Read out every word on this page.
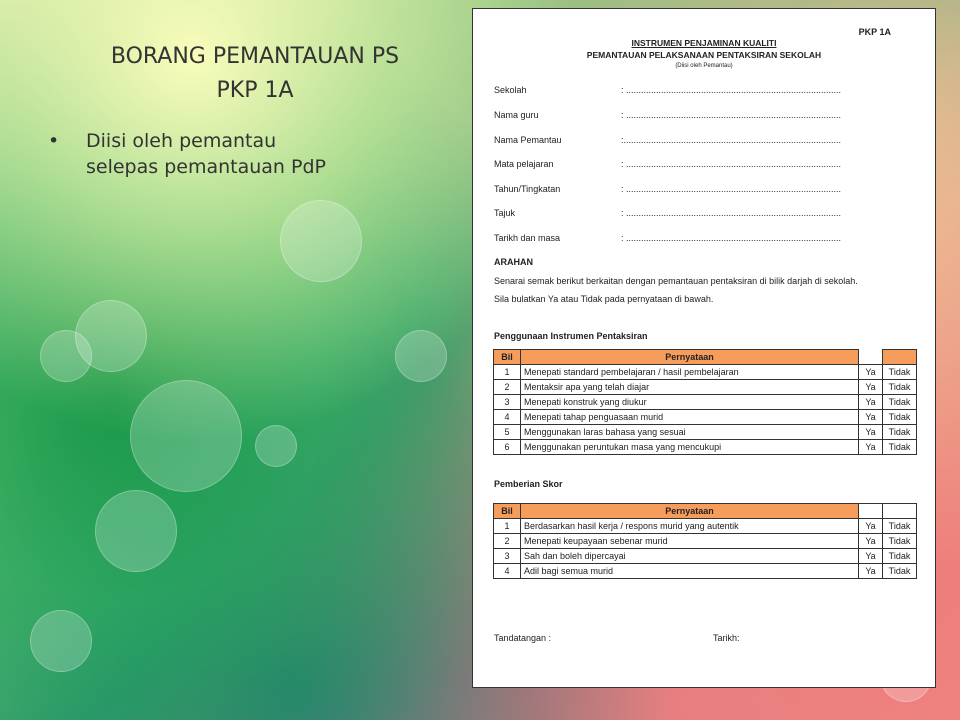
BORANG PEMANTAUAN PS
PKP 1A
•	Diisi oleh pemantau selepas pemantauan PdP
PKP 1A
INSTRUMEN PENJAMINAN KUALITI
PEMANTAUAN PELAKSANAAN PENTAKSIRAN SEKOLAH
(Diisi oleh Pemantau)
Sekolah	: ......................................................................................
Nama guru	: ......................................................................................
Nama Pemantau	:.......................................................................................
Mata pelajaran	: ......................................................................................
Tahun/Tingkatan	: ......................................................................................
Tajuk	: ......................................................................................
Tarikh dan masa	: ......................................................................................
ARAHAN
Senarai semak berikut berkaitan dengan pemantauan pentaksiran di bilik darjah di sekolah.
Sila bulatkan Ya atau Tidak pada pernyataan di bawah.
Penggunaan Instrumen Pentaksiran
Bil	Pernyataan		
1	Menepati standard pembelajaran / hasil pembelajaran	Ya	Tidak
2	Mentaksir apa yang telah diajar	Ya	Tidak
3	Menepati konstruk yang diukur	Ya	Tidak
4	Menepati tahap penguasaan murid	Ya	Tidak
5	Menggunakan laras bahasa yang sesuai	Ya	Tidak
6	Menggunakan peruntukan masa yang mencukupi	Ya	Tidak
Pemberian Skor
Bil	Pernyataan		
1	Berdasarkan hasil kerja / respons murid yang autentik	Ya	Tidak
2	Menepati keupayaan sebenar murid	Ya	Tidak
3	Sah dan boleh dipercayai	Ya	Tidak
4	Adil bagi semua murid	Ya	Tidak
Tandatangan :	Tarikh:
